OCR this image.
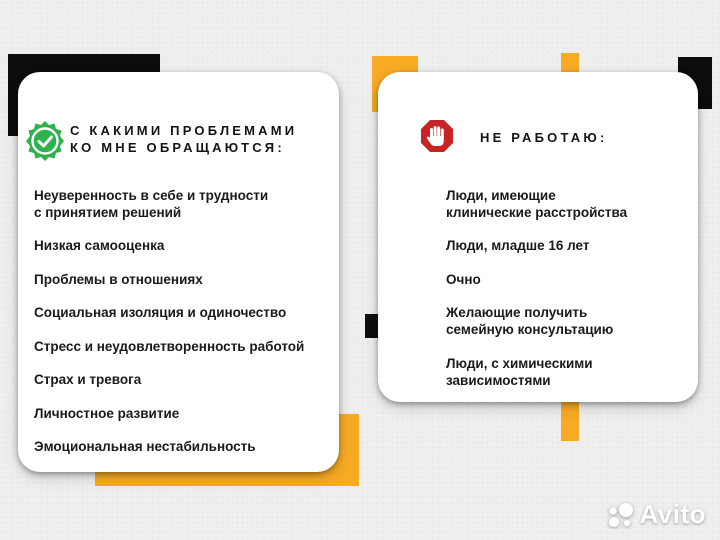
С КАКИМИ ПРОБЛЕМАМИ
КО МНЕ ОБРАЩАЮТСЯ:
Неуверенность в себе и трудности
с принятием решений
Низкая самооценка
Проблемы в отношениях
Социальная изоляция и одиночество
Стресс и неудовлетворенность работой
Страх и тревога
Личностное развитие
Эмоциональная нестабильность
НЕ РАБОТАЮ:
Люди, имеющие
клинические расстройства
Люди, младше 16 лет
Очно
Желающие получить
семейную консультацию
Люди, с химическими
зависимостями
Avito
